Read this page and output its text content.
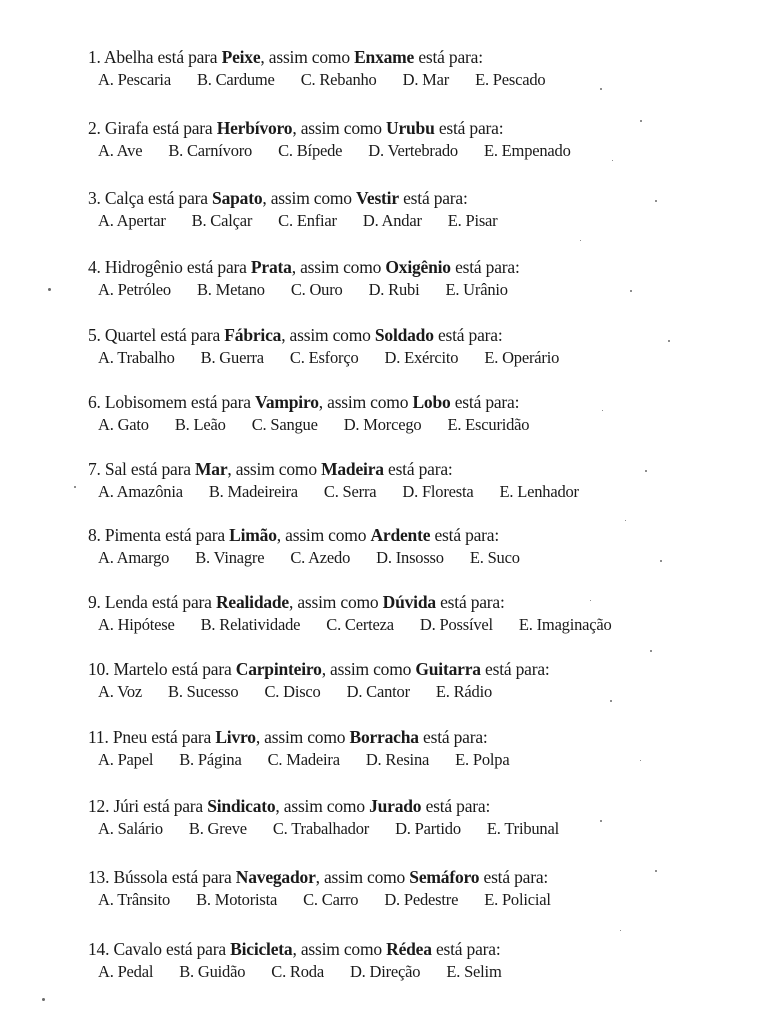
1. Abelha está para Peixe, assim como Enxame está para:
A. Pescaria B. Cardume C. Rebanho D. Mar E. Pescado
2. Girafa está para Herbívoro, assim como Urubu está para:
A. Ave B. Carnívoro C. Bípede D. Vertebrado E. Empenado
3. Calça está para Sapato, assim como Vestir está para:
A. Apertar B. Calçar C. Enfiar D. Andar E. Pisar
4. Hidrogênio está para Prata, assim como Oxigênio está para:
A. Petróleo B. Metano C. Ouro D. Rubi E. Urânio
5. Quartel está para Fábrica, assim como Soldado está para:
A. Trabalho B. Guerra C. Esforço D. Exército E. Operário
6. Lobisomem está para Vampiro, assim como Lobo está para:
A. Gato B. Leão C. Sangue D. Morcego E. Escuridão
7. Sal está para Mar, assim como Madeira está para:
A. Amazônia B. Madeireira C. Serra D. Floresta E. Lenhador
8. Pimenta está para Limão, assim como Ardente está para:
A. Amargo B. Vinagre C. Azedo D. Insosso E. Suco
9. Lenda está para Realidade, assim como Dúvida está para:
A. Hipótese B. Relatividade C. Certeza D. Possível E. Imaginação
10. Martelo está para Carpinteiro, assim como Guitarra está para:
A. Voz B. Sucesso C. Disco D. Cantor E. Rádio
11. Pneu está para Livro, assim como Borracha está para:
A. Papel B. Página C. Madeira D. Resina E. Polpa
12. Júri está para Sindicato, assim como Jurado está para:
A. Salário B. Greve C. Trabalhador D. Partido E. Tribunal
13. Bússola está para Navegador, assim como Semáforo está para:
A. Trânsito B. Motorista C. Carro D. Pedestre E. Policial
14. Cavalo está para Bicicleta, assim como Rédea está para:
A. Pedal B. Guidão C. Roda D. Direção E. Selim
